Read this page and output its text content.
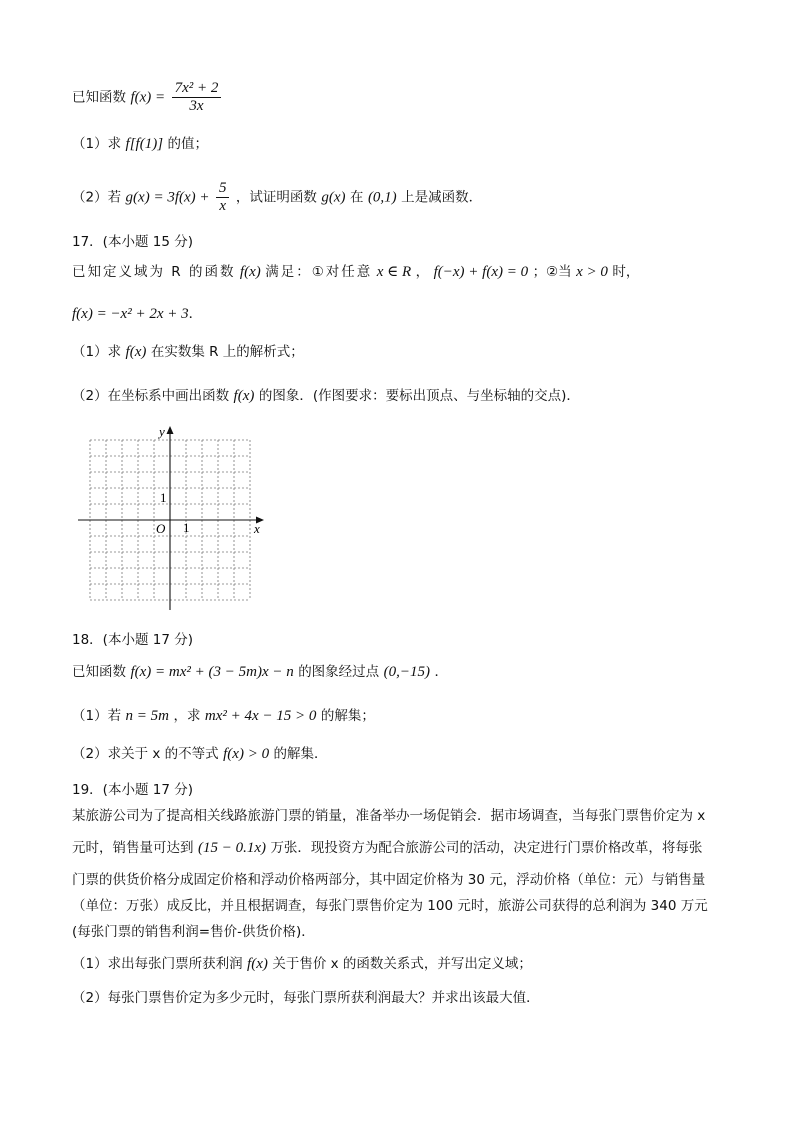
已知函数 $f(x) = \frac{\text{7x² + 2}}{3x}$
（1）求 f[f(1)] 的值；
（2）若 $g(x) = 3f(x) + \frac{5}{x}$ ，试证明函数 g(x) 在 (0,1) 上是减函数．
17．(本小题 15 分)
已知定义域为 R 的函数 f(x) 满足：①对任意 x ∈ R ， f(−x) + f(x) = 0 ；②当 x > 0 时，
f(x) = −x² + 2x + 3．
（1）求 f(x) 在实数集 R 上的解析式；
（2）在坐标系中画出函数 f(x) 的图象．(作图要求：要标出顶点、与坐标轴的交点)．
y
x
O
1
1
18．(本小题 17 分)
已知函数 f(x) = mx² + (3 − 5m)x − n 的图象经过点 (0,−15) ．
（1）若 n = 5m ，求 mx² + 4x − 15 > 0 的解集；
（2）求关于 x 的不等式 f(x) > 0 的解集．
19．(本小题 17 分)
某旅游公司为了提高相关线路旅游门票的销量，准备举办一场促销会．据市场调查，当每张门票售价定为 x
元时，销售量可达到 (15 − 0.1x) 万张．现投资方为配合旅游公司的活动，决定进行门票价格改革，将每张
门票的供货价格分成固定价格和浮动价格两部分，其中固定价格为 30 元，浮动价格（单位：元）与销售量
（单位：万张）成反比，并且根据调查，每张门票售价定为 100 元时，旅游公司获得的总利润为 340 万元
(每张门票的销售利润=售价-供货价格)．
（1）求出每张门票所获利润 f(x) 关于售价 x 的函数关系式，并写出定义域；
（2）每张门票售价定为多少元时，每张门票所获利润最大？并求出该最大值．
